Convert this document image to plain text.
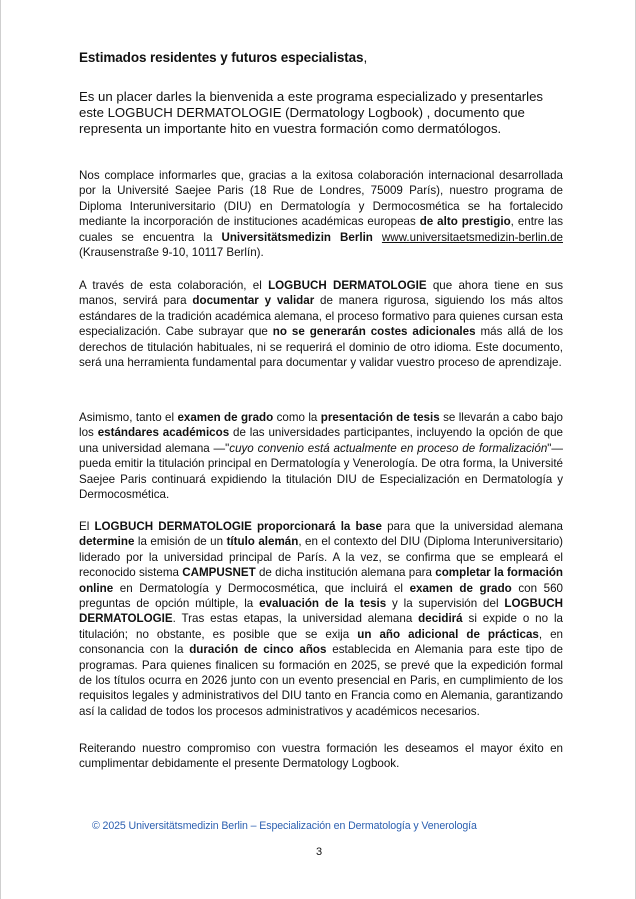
Estimados residentes y futuros especialistas,
Es un placer darles la bienvenida a este programa especializado y presentarles este LOGBUCH DERMATOLOGIE (Dermatology Logbook) , documento que representa un importante hito en vuestra formación como dermatólogos.
Nos complace informarles que, gracias a la exitosa colaboración internacional desarrollada por la Université Saejee Paris (18 Rue de Londres, 75009 París), nuestro programa de Diploma Interuniversitario (DIU) en Dermatología y Dermocosmética se ha fortalecido mediante la incorporación de instituciones académicas europeas de alto prestigio, entre las cuales se encuentra la Universitätsmedizin Berlin www.universitaetsmedizin-berlin.de (Krausenstraße 9-10, 10117 Berlín).
A través de esta colaboración, el LOGBUCH DERMATOLOGIE que ahora tiene en sus manos, servirá para documentar y validar de manera rigurosa, siguiendo los más altos estándares de la tradición académica alemana, el proceso formativo para quienes cursan esta especialización. Cabe subrayar que no se generarán costes adicionales más allá de los derechos de titulación habituales, ni se requerirá el dominio de otro idioma. Este documento, será una herramienta fundamental para documentar y validar vuestro proceso de aprendizaje.
Asimismo, tanto el examen de grado como la presentación de tesis se llevarán a cabo bajo los estándares académicos de las universidades participantes, incluyendo la opción de que una universidad alemana —"cuyo convenio está actualmente en proceso de formalización"— pueda emitir la titulación principal en Dermatología y Venerología. De otra forma, la Université Saejee Paris continuará expidiendo la titulación DIU de Especialización en Dermatología y Dermocosmética.
El LOGBUCH DERMATOLOGIE proporcionará la base para que la universidad alemana determine la emisión de un título alemán, en el contexto del DIU (Diploma Interuniversitario) liderado por la universidad principal de París. A la vez, se confirma que se empleará el reconocido sistema CAMPUSNET de dicha institución alemana para completar la formación online en Dermatología y Dermocosmética, que incluirá el examen de grado con 560 preguntas de opción múltiple, la evaluación de la tesis y la supervisión del LOGBUCH DERMATOLOGIE. Tras estas etapas, la universidad alemana decidirá si expide o no la titulación; no obstante, es posible que se exija un año adicional de prácticas, en consonancia con la duración de cinco años establecida en Alemania para este tipo de programas. Para quienes finalicen su formación en 2025, se prevé que la expedición formal de los títulos ocurra en 2026 junto con un evento presencial en Paris, en cumplimiento de los requisitos legales y administrativos del DIU tanto en Francia como en Alemania, garantizando así la calidad de todos los procesos administrativos y académicos necesarios.
Reiterando nuestro compromiso con vuestra formación les deseamos el mayor éxito en cumplimentar debidamente el presente Dermatology Logbook.
© 2025 Universitätsmedizin Berlin – Especialización en Dermatología y Venerología
3
